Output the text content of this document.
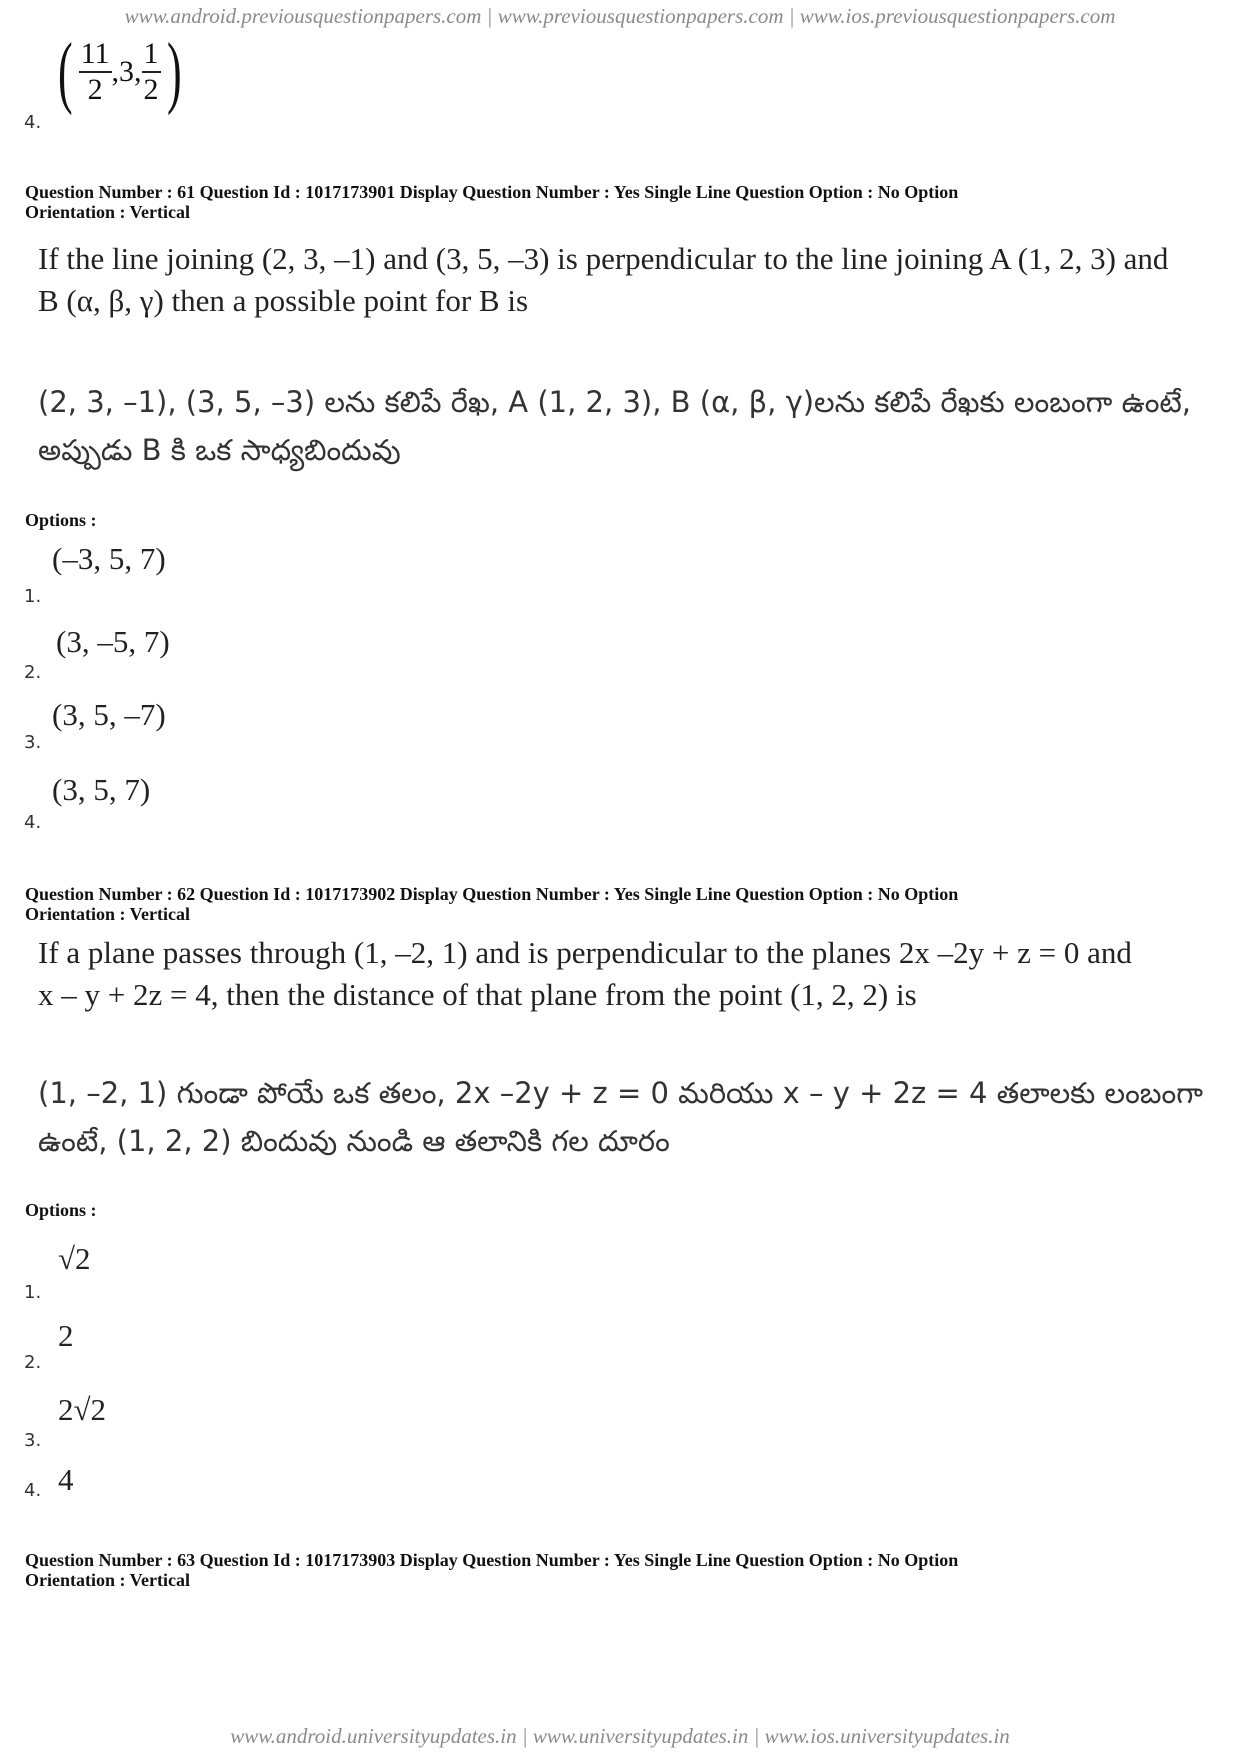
www.android.previousquestionpapers.com | www.previousquestionpapers.com | www.ios.previousquestionpapers.com
( $\frac{11}{2} ,3$, $\frac{1}{2}$ )
4.
Question Number : 61 Question Id : 1017173901 Display Question Number : Yes Single Line Question Option : No Option
Orientation : Vertical
If the line joining (2, 3, –1) and (3, 5, –3) is perpendicular to the line joining A (1, 2, 3) and
B (α, β, γ) then a possible point for B is
(2, 3, –1), (3, 5, –3) లను కలిపే రేఖ, A (1, 2, 3), B (α, β, γ)లను కలిపే రేఖకు లంబంగా ఉంటే,
అప్పుడు B కి ఒక సాధ్యబిందువు
Options :
(–3, 5, 7)
1.
(3, –5, 7)
2.
(3, 5, –7)
3.
(3, 5, 7)
4.
Question Number : 62 Question Id : 1017173902 Display Question Number : Yes Single Line Question Option : No Option
Orientation : Vertical
If a plane passes through (1, –2, 1) and is perpendicular to the planes 2x –2y + z = 0 and
x – y + 2z = 4, then the distance of that plane from the point (1, 2, 2) is
(1, –2, 1) గుండా పోయే ఒక తలం, 2x –2y + z = 0 మరియు x – y + 2z = 4 తలాలకు లంబంగా
ఉంటే, (1, 2, 2) బిందువు నుండి ఆ తలానికి గల దూరం
Options :
√2
1.
2
2.
2√2
3.
4
4.
Question Number : 63 Question Id : 1017173903 Display Question Number : Yes Single Line Question Option : No Option
Orientation : Vertical
www.android.universityupdates.in | www.universityupdates.in | www.ios.universityupdates.in
